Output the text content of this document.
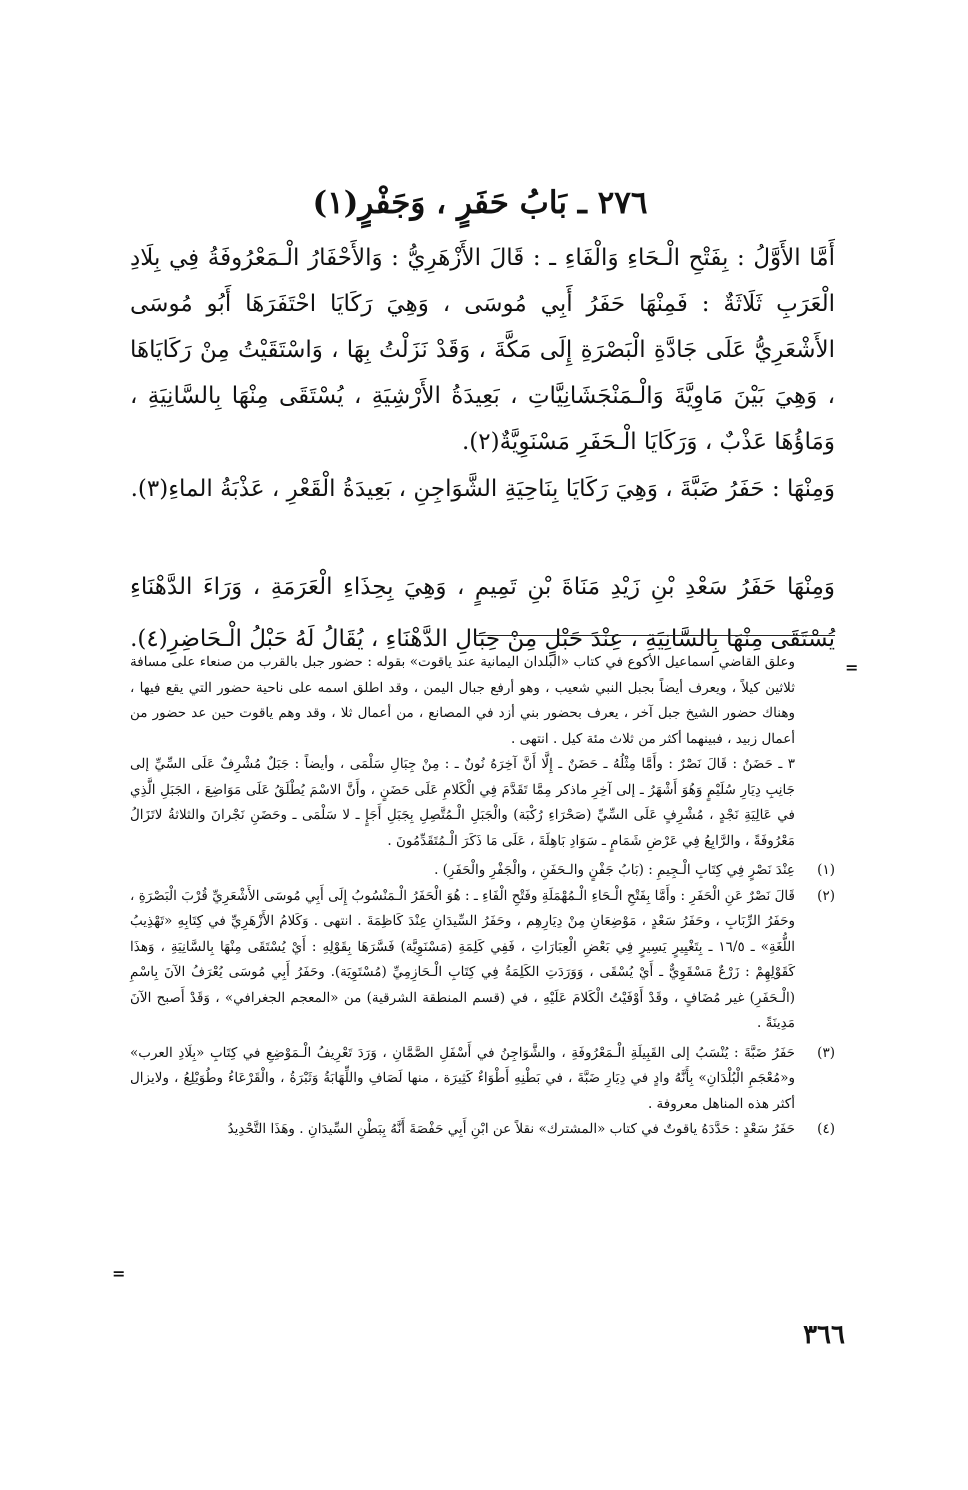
٢٧٦ ـ بَابُ حَفَرٍ ، وَجَفْرٍ(١)

أَمَّا الأَوَّلُ : بِفَتْحِ الْـحَاءِ وَالْفَاءِ ـ : قَالَ الأَزْهَرِيُّ : وَالأَحْفَارُ الْـمَعْرُوفَةُ فِي بِلَادِ الْعَرَبِ ثَلَاثَةٌ : فَمِنْهَا حَفَرُ أَبِي مُوسَى ، وَهِيَ رَكَايَا احْتَفَرَهَا أَبُو مُوسَى الأَشْعَرِيُّ عَلَى جَادَّةِ الْبَصْرَةِ إِلَى مَكَّةَ ، وَقَدْ نَزَلْتُ بِهَا ، وَاسْتَقَيْتُ مِنْ رَكَايَاهَا ، وَهِيَ بَيْنَ مَاوِيَّةَ وَالْـمَنْجَشَانِيَّاتِ ، بَعِيدَةُ الأَرْشِيَةِ ، يُسْتَقَى مِنْهَا بِالسَّانِيَةِ ، وَمَاؤُهَا عَذْبٌ ، وَرَكَايَا الْـحَفَرِ مَسْنَوِيَّةٌ(٢).

وَمِنْهَا : حَفَرُ ضَبَّةَ ، وَهِيَ رَكَايَا بِنَاحِيَةِ الشَّوَاجِنِ ، بَعِيدَةُ الْقَعْرِ ، عَذْبَةُ الماءِ(٣).

وَمِنْهَا حَفَرُ سَعْدِ بْنِ زَيْدِ مَنَاةَ بْنِ تَمِيمٍ ، وَهِيَ بِحِذَاءِ الْعَرَمَةِ ، وَرَاءَ الدَّهْنَاءِ يُسْتَقَى مِنْهَا بِالسَّانِيَةِ ، عِنْدَ حَبْلٍ مِنْ حِبَالِ الدَّهْنَاءِ ، يُقَالُ لَهُ حَبْلُ الْـحَاضِرِ(٤).

=
وعلق القاضي اسماعيل الأكوع في كتاب «البلدان اليمانية عند ياقوت» بقوله : حضور جبل بالقرب من صنعاء على مسافة ثلاثين كيلاً ، ويعرف أيضاً بجبل النبي شعيب ، وهو أرفع جبال اليمن ، وقد اطلق اسمه على ناحية حضور التي يقع فيها ، وهناك حضور الشيخ جبل آخر ، يعرف بحضور بني أزد في المصانع ، من أعمال ثلا ، وقد وهم ياقوت حين عد حضور من أعمال زبيد ، فبينهما أكثر من ثلاث مئة كيل . انتهى .
٣ ـ حَضَنٌ : قَالَ نَصْرٌ : وأَمَّا مِثْلُهُ ـ حَضَنٌ ـ إِلَّا أَنَّ آخِرَهُ نُونٌ ـ : مِنْ جِبَالِ سَلْمَى ، وأيضاً : جَبَلٌ مُشْرِفٌ عَلَى السِّيِّ إلى جَانِبِ دِيَارِ سُلَيْمٍ وَهُوَ أَشْهَرُ ـ إلى آخِرِ ماذكر مِمَّا تَقَدَّمَ فِي الْكَلامِ عَلَى حَضَنٍ ، وأَنَّ الاسْمَ يُطْلَقُ عَلَى مَوَاضِعَ ، الجَبَلِ الَّذِي في عَالِيَةِ نَجْدٍ ، مُشْرِفٍ عَلَى السِّيِّ (صَحْرَاءِ رُكْبَة) والْجَبَلِ الْـمُتَّصِلِ بِجَبَلِ أَجَإٍ ـ لا سَلْمَى ـ وحَضَنِ نَجْرانَ والثلاثةُ لاتَزَالُ مَعْرُوفَةً ، والرَّابِعُ فِي عَرْضِ شَمَامٍ ـ سَوَادِ بَاهِلَةَ ، عَلَى مَا ذَكَرَ الْـمُتَقَدِّمُونَ .
(١)
عِنْدَ نَصْرٍ فِي كِتَابِ الْـجِيمِ : (بَابُ جَفْنٍ والـحَفَنِ ، والْجَفْرِ والْحَفَرِ) .
(٢)
قَالَ نَصْرٌ عَنِ الْحَفَرِ : وأَمَّا بِفَتْحِ الْـحَاءِ الْـمُهْمَلَةِ وفَتْحِ الْفَاءِ ـ : هُوَ الْحَفَرُ الْـمَنْسُوبُ إِلَى أَبِي مُوسَى الأَشْعَرِيِّ قُرْبَ الْبَصْرَةِ ، وحَفَرُ الرِّبَابِ ، وحَفَرُ سَعْدٍ ، مَوْضِعَانِ مِنْ دِيَارِهِم ، وحَفَرُ السِّيدَانِ عِنْدَ كَاظِمَةَ . انتهى . وَكَلامُ الأَزْهَرِيِّ في كِتَابِهِ «تَهْذِيبُ اللُّغَةِ» ـ ١٦/٥ ـ بِتَغْيِيرٍ يَسِيرٍ فِي بَعْضِ الْعِبَارَاتِ ، فَفِي كَلِمَةِ (مَسْنَوِيَّة) فَسَّرَهَا بِقَوْلِهِ : أَيْ يُسْتَقَى مِنْهَا بِالسَّانِيَةِ ، وَهذَا كَقَوْلِهِمْ : زَرْعٌ مَسْقَوِيٌّ ـ أَيْ يُسْقَى ، وَوَرَدَتِ الكَلِمَةُ فِي كِتَابِ الْـحَازِمِيِّ (مُسْتَوِيَة). وحَفَرُ أَبِي مُوسَى يُعْرَفُ الآنَ بِاسْمِ (الْـحَفَرِ) غير مُضَافٍ ، وقَدْ أَوْفَيْتُ الْكَلامَ عَلَيْهِ ، في (قسم المنطقة الشرقية) من «المعجم الجغرافي» ، وَقَدْ أَصبح الآنَ مَدِينَةً .
(٣)
حَفَرُ ضَبَّةَ : يُنْسَبُ إلى القَبِيلَةِ الْـمَعْرُوفَةِ ، والشَّوَاجِنُ في أَسْفَلِ الصَّمَّانِ ، وَرَدَ تَعْرِيفُ الْـمَوْضِعِ في كِتَابِ «بِلَادِ العرب» و«مُعْجَمِ الْبُلْدَانِ» بِأَنَّهُ وادٍ في دِيَارِ ضَبَّةَ ، في بَطْنِهِ أَطْوَاءٌ كَثِيرَة ، منها لَصَافِ واللِّهَابَةُ وَثَبْرَةُ ، والْقَرْعَاءُ وطُوَيْلِعُ ، ولايزال أكثر هذه المناهل معروفة .
(٤)
حَفَرُ سَعْدٍ : حَدَّدَهُ ياقوتٌ في كتاب «المشترك» نقلاً عن ابْنِ أَبِي حَفْصَةَ أَنَّهُ بِبَطْنِ السِّيدَانِ . وهَذَا التَّحْدِيدُ
=
٣٦٦
